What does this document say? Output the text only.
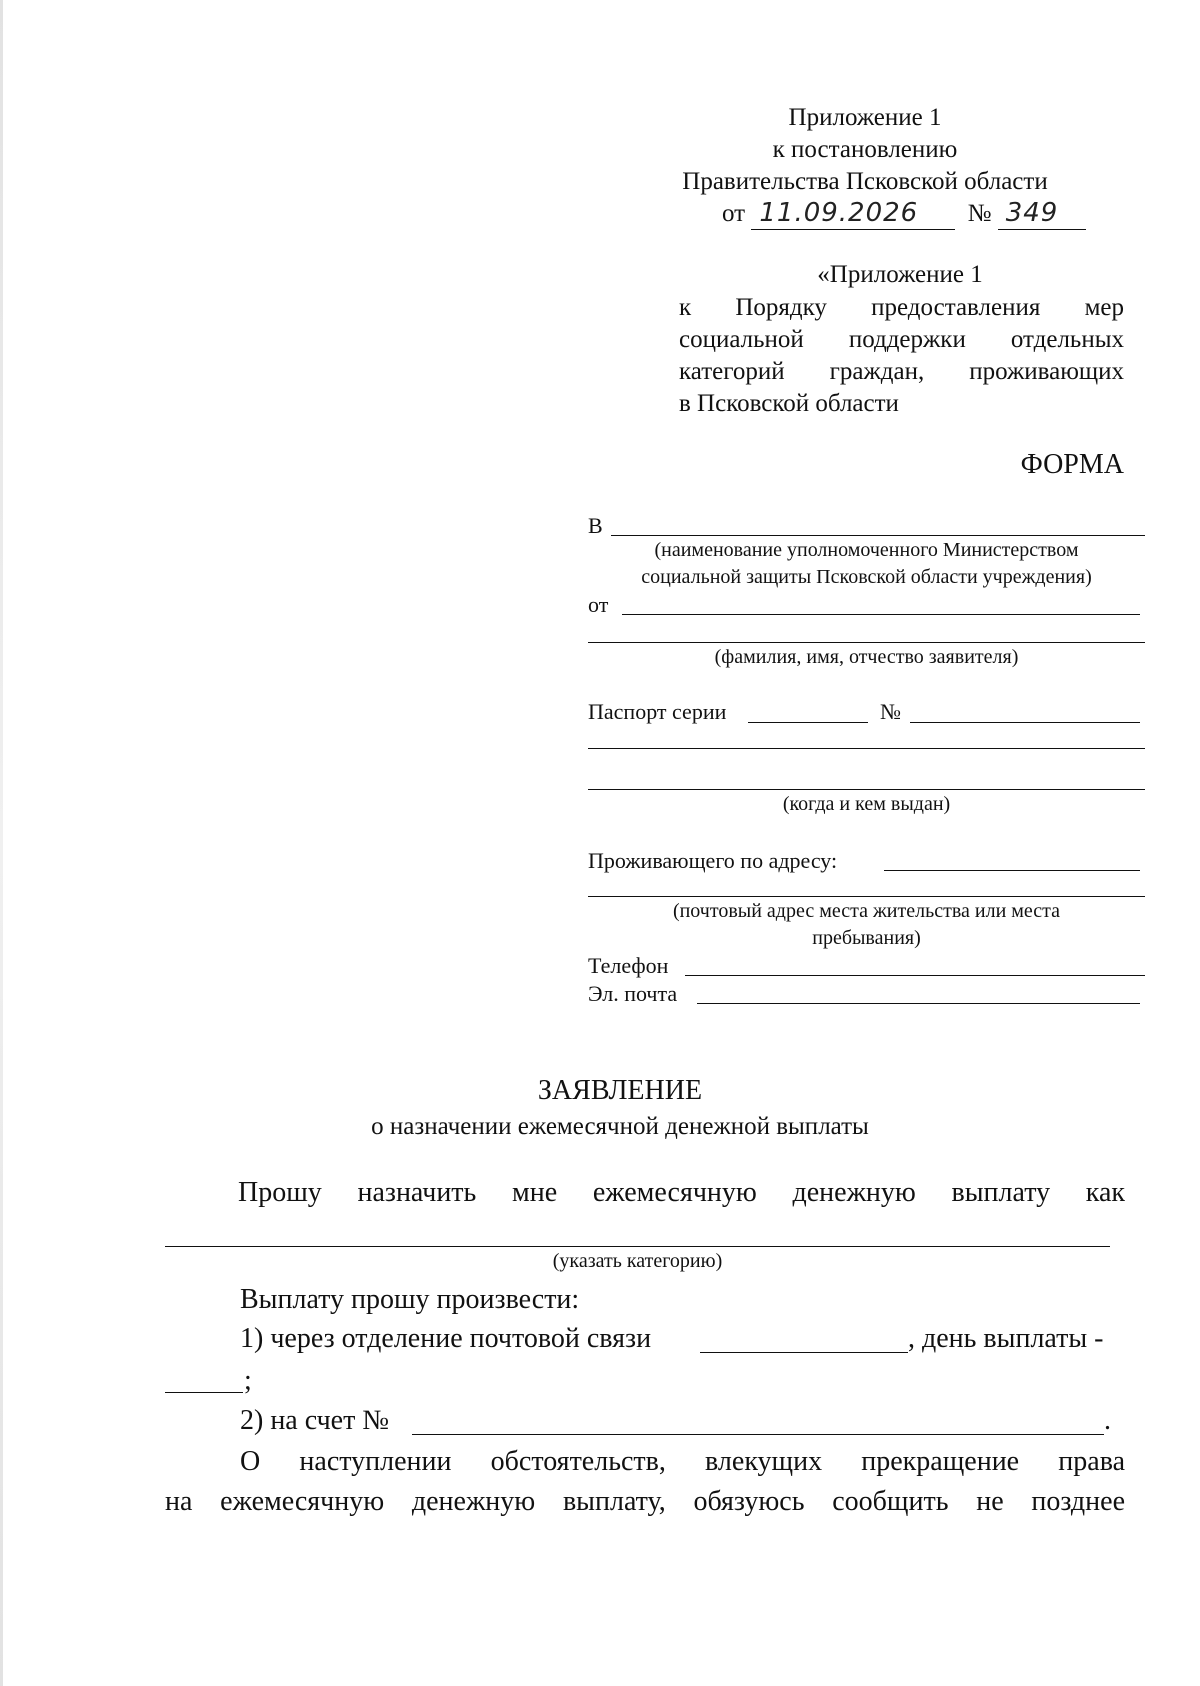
Приложение 1
к постановлению
Правительства Псковской области
от 11.09.2026 № 349
«Приложение 1
к Порядку предоставления мер
социальной поддержки отдельных
категорий граждан, проживающих
в Псковской области
ФОРМА
В
(наименование уполномоченного Министерством
социальной защиты Псковской области учреждения)
от
(фамилия, имя, отчество заявителя)
Паспорт серии	№
(когда и кем выдан)
Проживающего по адресу:
(почтовый адрес места жительства или места
пребывания)
Телефон
Эл. почта
ЗАЯВЛЕНИЕ
о назначении ежемесячной денежной выплаты
Прошу назначить мне ежемесячную денежную выплату как
(указать категорию)
Выплату прошу произвести:
1) через отделение почтовой связи	, день выплаты -
;
2) на счет №	.
О наступлении обстоятельств, влекущих прекращение права
на ежемесячную денежную выплату, обязуюсь сообщить не позднее
